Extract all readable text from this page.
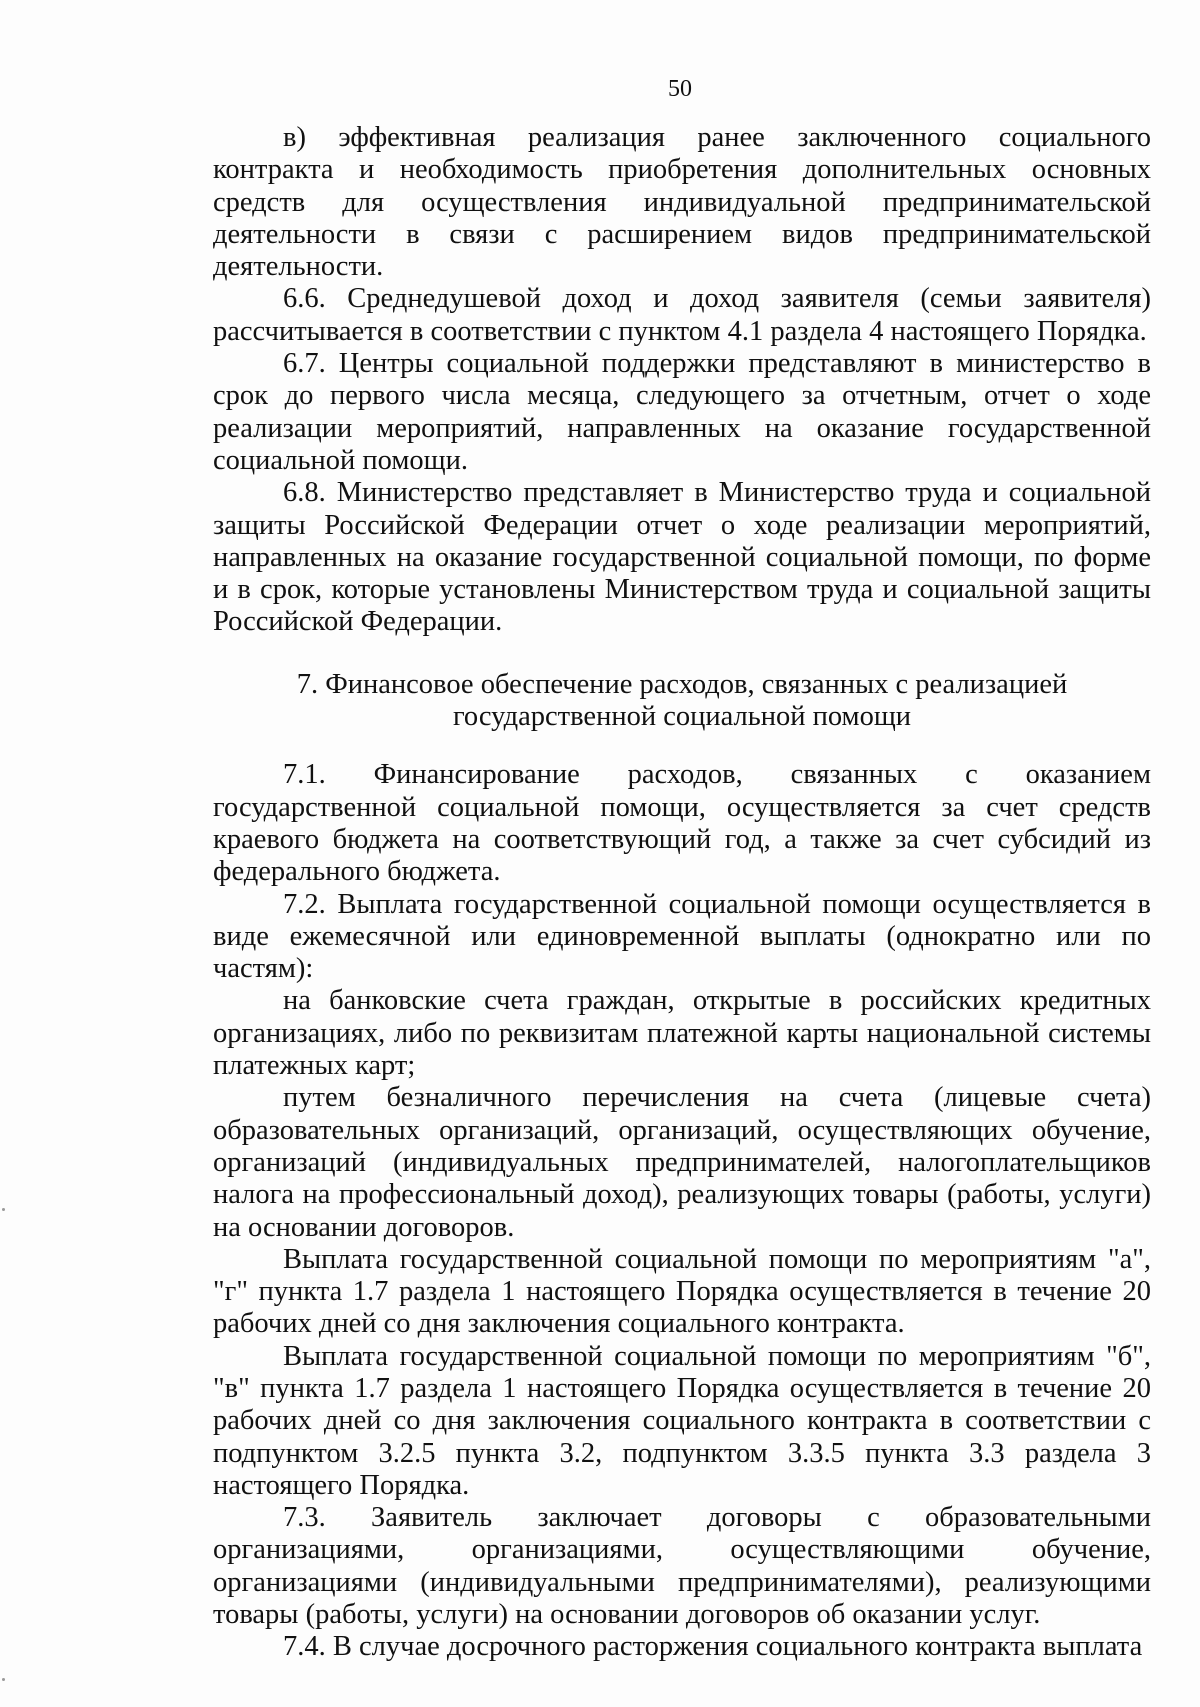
50

в) эффективная реализация ранее заключенного социального контракта и необходимость приобретения дополнительных основных средств для осуществления индивидуальной предпринимательской деятельности в связи с расширением видов предпринимательской деятельности.

6.6. Среднедушевой доход и доход заявителя (семьи заявителя) рассчитывается в соответствии с пунктом 4.1 раздела 4 настоящего Порядка.

6.7. Центры социальной поддержки представляют в министерство в срок до первого числа месяца, следующего за отчетным, отчет о ходе реализации мероприятий, направленных на оказание государственной социальной помощи.

6.8. Министерство представляет в Министерство труда и социальной защиты Российской Федерации отчет о ходе реализации мероприятий, направленных на оказание государственной социальной помощи, по форме и в срок, которые установлены Министерством труда и социальной защиты Российской Федерации.

7. Финансовое обеспечение расходов, связанных с реализацией
государственной социальной помощи

7.1. Финансирование расходов, связанных с оказанием государственной социальной помощи, осуществляется за счет средств краевого бюджета на соответствующий год, а также за счет субсидий из федерального бюджета.

7.2. Выплата государственной социальной помощи осуществляется в виде ежемесячной или единовременной выплаты (однократно или по частям):

на банковские счета граждан, открытые в российских кредитных организациях, либо по реквизитам платежной карты национальной системы платежных карт;

путем безналичного перечисления на счета (лицевые счета) образовательных организаций, организаций, осуществляющих обучение, организаций (индивидуальных предпринимателей, налогоплательщиков налога на профессиональный доход), реализующих товары (работы, услуги) на основании договоров.

Выплата государственной социальной помощи по мероприятиям "а", "г" пункта 1.7 раздела 1 настоящего Порядка осуществляется в течение 20 рабочих дней со дня заключения социального контракта.

Выплата государственной социальной помощи по мероприятиям "б", "в" пункта 1.7 раздела 1 настоящего Порядка осуществляется в течение 20 рабочих дней со дня заключения социального контракта в соответствии с подпунктом 3.2.5 пункта 3.2, подпунктом 3.3.5 пункта 3.3 раздела 3 настоящего Порядка.

7.3. Заявитель заключает договоры с образовательными организациями, организациями, осуществляющими обучение, организациями (индивидуальными предпринимателями), реализующими товары (работы, услуги) на основании договоров об оказании услуг.

7.4. В случае досрочного расторжения социального контракта выплата
